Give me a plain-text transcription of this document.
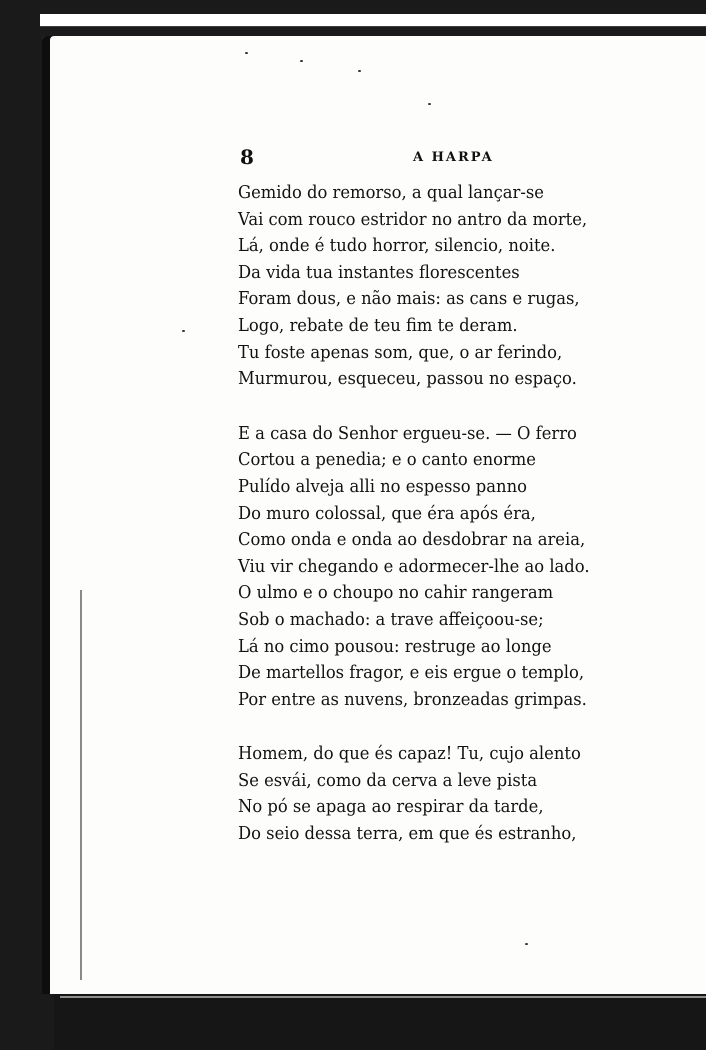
8	A HARPA
Gemido do remorso, a qual lançar-se
Vai com rouco estridor no antro da morte,
Lá, onde é tudo horror, silencio, noite.
Da vida tua instantes florescentes
Foram dous, e não mais: as cans e rugas,
Logo, rebate de teu fim te deram.
Tu foste apenas som, que, o ar ferindo,
Murmurou, esqueceu, passou no espaço.
E a casa do Senhor ergueu-se. — O ferro
Cortou a penedia; e o canto enorme
Pulído alveja alli no espesso panno
Do muro colossal, que éra após éra,
Como onda e onda ao desdobrar na areia,
Viu vir chegando e adormecer-lhe ao lado.
O ulmo e o choupo no cahir rangeram
Sob o machado: a trave affeiçoou-se;
Lá no cimo pousou: restruge ao longe
De martellos fragor, e eis ergue o templo,
Por entre as nuvens, bronzeadas grimpas.
Homem, do que és capaz! Tu, cujo alento
Se esvái, como da cerva a leve pista
No pó se apaga ao respirar da tarde,
Do seio dessa terra, em que és estranho,
